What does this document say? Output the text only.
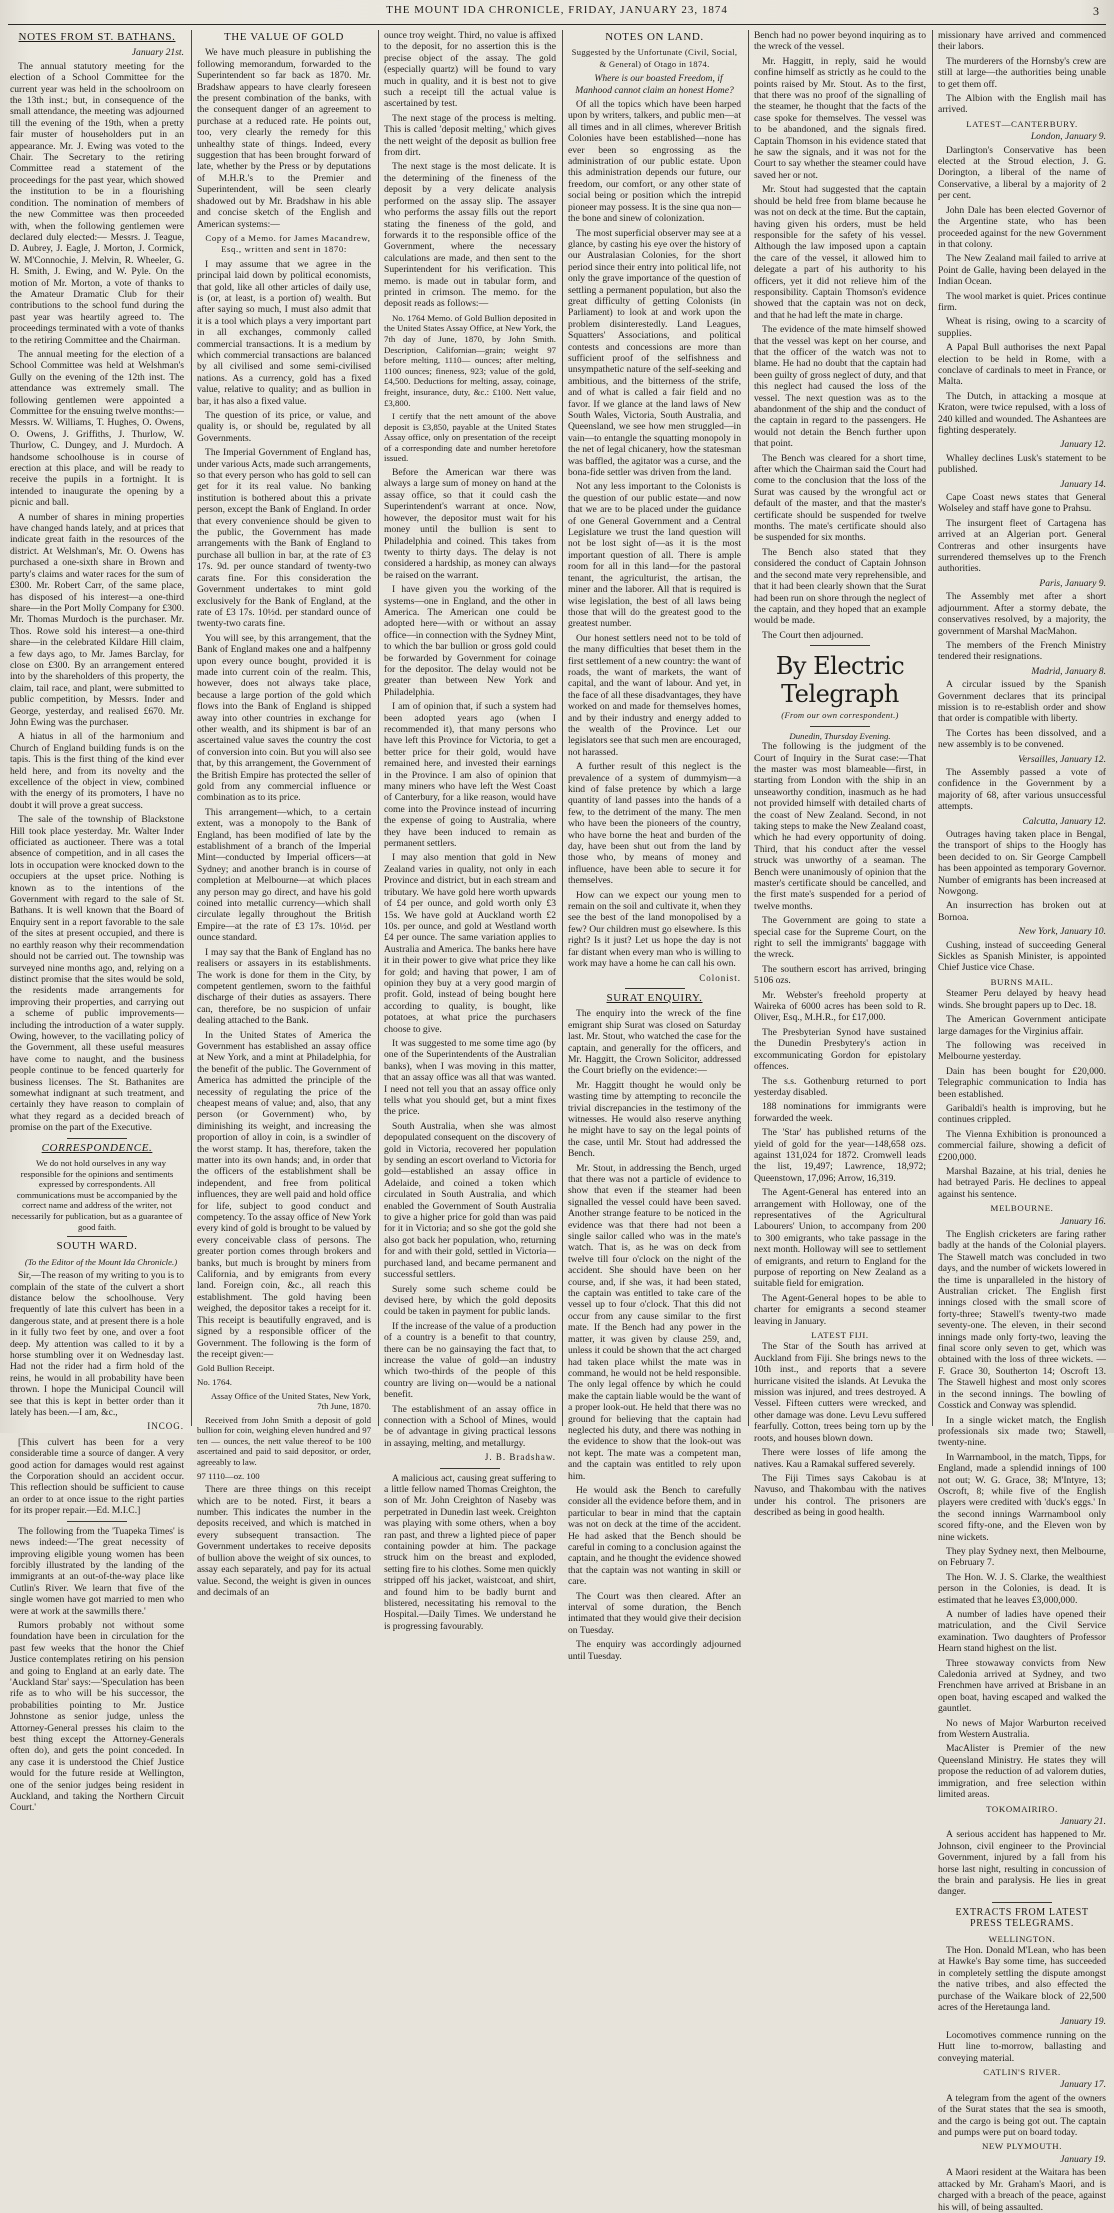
THE MOUNT IDA CHRONICLE, FRIDAY, JANUARY 23, 1874	3
NOTES FROM ST. BATHANS.
January 21st.

The annual statutory meeting for the election of a School Committee for the current year was held in the schoolroom on the 13th inst.; but, in consequence of the small attendance, the meeting was adjourned till the evening of the 19th, when a pretty fair muster of householders put in an appearance. Mr. J. Ewing was voted to the Chair. The Secretary to the retiring Committee read a statement of the proceedings for the past year, which showed the institution to be in a flourishing condition. The nomination of members of the new Committee was then proceeded with, when the following gentlemen were declared duly elected:— Messrs. J. Teague, D. Aubrey, J. Eagle, J. Morton, J. Cormick, W. M'Connochie, J. Melvin, R. Wheeler, G. H. Smith, J. Ewing, and W. Pyle. On the motion of Mr. Morton, a vote of thanks to the Amateur Dramatic Club for their contributions to the school fund during the past year was heartily agreed to. The proceedings terminated with a vote of thanks to the retiring Committee and the Chairman.

The annual meeting for the election of a School Committee was held at Welshman's Gully on the evening of the 12th inst. The attendance was extremely small. The following gentlemen were appointed a Committee for the ensuing twelve months:—Messrs. W. Williams, T. Hughes, O. Owens, O. Owens, J. Griffiths, J. Thurlow, W. Thurlow, C. Dungey, and J. Murdoch. A handsome schoolhouse is in course of erection at this place, and will be ready to receive the pupils in a fortnight. It is intended to inaugurate the opening by a picnic and ball.

A number of shares in mining properties have changed hands lately, and at prices that indicate great faith in the resources of the district. At Welshman's, Mr. O. Owens has purchased a one-sixth share in Brown and party's claims and water races for the sum of £300. Mr. Robert Carr, of the same place, has disposed of his interest—a one-third share—in the Port Molly Company for £300. Mr. Thomas Murdoch is the purchaser. Mr. Thos. Rowe sold his interest—a one-third share—in the celebrated Kildare Hill claim, a few days ago, to Mr. James Barclay, for close on £300. By an arrangement entered into by the shareholders of this property, the claim, tail race, and plant, were submitted to public competition, by Messrs. Inder and George, yesterday, and realised £670. Mr. John Ewing was the purchaser.

A hiatus in all of the harmonium and Church of England building funds is on the tapis. This is the first thing of the kind ever held here, and from its novelty and the excellence of the object in view, combined with the energy of its promoters, I have no doubt it will prove a great success.

The sale of the township of Blackstone Hill took place yesterday. Mr. Walter Inder officiated as auctioneer. There was a total absence of competition, and in all cases the lots in occupation were knocked down to the occupiers at the upset price. Nothing is known as to the intentions of the Government with regard to the sale of St. Bathans. It is well known that the Board of Enquiry sent in a report favorable to the sale of the sites at present occupied, and there is no earthly reason why their recommendation should not be carried out. The township was surveyed nine months ago, and, relying on a distinct promise that the sites would be sold, the residents made arrangements for improving their properties, and carrying out a scheme of public improvements—including the introduction of a water supply. Owing, however, to the vacillating policy of the Government, all these useful measures have come to naught, and the business people continue to be fenced quarterly for business licenses. The St. Bathanites are somewhat indignant at such treatment, and certainly they have reason to complain of what they regard as a decided breach of promise on the part of the Executive.

CORRESPONDENCE.

We do not hold ourselves in any way responsible for the opinions and sentiments expressed by correspondents. All communications must be accompanied by the correct name and address of the writer, not necessarily for publication, but as a guarantee of good faith.

SOUTH WARD.

(To the Editor of the Mount Ida Chronicle.)

Sir,—The reason of my writing to you is to complain of the state of the culvert a short distance below the schoolhouse. Very frequently of late this culvert has been in a dangerous state, and at present there is a hole in it fully two feet by one, and over a foot deep. My attention was called to it by a horse stumbling over it on Wednesday last. Had not the rider had a firm hold of the reins, he would in all probability have been thrown. I hope the Municipal Council will see that this is kept in better order than it lately has been.—I am, &c.,

INCOG.

[This culvert has been for a very considerable time a source of danger. A very good action for damages would rest against the Corporation should an accident occur. This reflection should be sufficient to cause an order to at once issue to the right parties for its proper repair.—Ed. M.I.C.]

The following from the 'Tuapeka Times' is news indeed:—'The great necessity of improving eligible young women has been forcibly illustrated by the landing of the immigrants at an out-of-the-way place like Cutlin's River. We learn that five of the single women have got married to men who were at work at the sawmills there.'

Rumors probably not without some foundation have been in circulation for the past few weeks that the honor the Chief Justice contemplates retiring on his pension and going to England at an early date. The 'Auckland Star' says:—'Speculation has been rife as to who will be his successor, the probabilities pointing to Mr. Justice Johnstone as senior judge, unless the Attorney-General presses his claim to the best thing except the Attorney-Generals often do), and gets the point conceded. In any case it is understood the Chief Justice would for the future reside at Wellington, one of the senior judges being resident in Auckland, and taking the Northern Circuit Court.'

THE VALUE OF GOLD

We have much pleasure in publishing the following memorandum, forwarded to the Superintendent so far back as 1870. Mr. Bradshaw appears to have clearly foreseen the present combination of the banks, with the consequent danger of an agreement to purchase at a reduced rate. He points out, too, very clearly the remedy for this unhealthy state of things. Indeed, every suggestion that has been brought forward of late, whether by the Press or by deputations of M.H.R.'s to the Premier and Superintendent, will be seen clearly shadowed out by Mr. Bradshaw in his able and concise sketch of the English and American systems:—

Copy of a Memo. for James Macandrew, Esq., written and sent in 1870:

I may assume that we agree in the principal laid down by political economists, that gold, like all other articles of daily use, is (or, at least, is a portion of) wealth. But after saying so much, I must also admit that it is a tool which plays a very important part in all exchanges, commonly called commercial transactions. It is a medium by which commercial transactions are balanced by all civilised and some semi-civilised nations. As a currency, gold has a fixed value, relative to quality; and as bullion in bar, it has also a fixed value.

The question of its price, or value, and quality is, or should be, regulated by all Governments.

The Imperial Government of England has, under various Acts, made such arrangements, so that every person who has gold to sell can get for it its real value. No banking institution is bothered about this a private person, except the Bank of England. In order that every convenience should be given to the public, the Government has made arrangements with the Bank of England to purchase all bullion in bar, at the rate of £3 17s. 9d. per ounce standard of twenty-two carats fine. For this consideration the Government undertakes to mint gold exclusively for the Bank of England, at the rate of £3 17s. 10½d. per standard ounce of twenty-two carats fine.

You will see, by this arrangement, that the Bank of England makes one and a halfpenny upon every ounce bought, provided it is made into current coin of the realm. This, however, does not always take place, because a large portion of the gold which flows into the Bank of England is shipped away into other countries in exchange for other wealth, and its shipment is bar of an ascertained value saves the country the cost of conversion into coin. But you will also see that, by this arrangement, the Government of the British Empire has protected the seller of gold from any commercial influence or combination as to its price.

This arrangement—which, to a certain extent, was a monopoly to the Bank of England, has been modified of late by the establishment of a branch of the Imperial Mint—conducted by Imperial officers—at Sydney; and another branch is in course of completion at Melbourne—at which places any person may go direct, and have his gold coined into metallic currency—which shall circulate legally throughout the British Empire—at the rate of £3 17s. 10½d. per ounce standard.

I may say that the Bank of England has no realisers or assayers in its establishments. The work is done for them in the City, by competent gentlemen, sworn to the faithful discharge of their duties as assayers. There can, therefore, be no suspicion of unfair dealing attached to the Bank.

In the United States of America the Government has established an assay office at New York, and a mint at Philadelphia, for the benefit of the public. The Government of America has admitted the principle of the necessity of regulating the price of the cheapest means of value; and, also, that any person (or Government) who, by diminishing its weight, and increasing the proportion of alloy in coin, is a swindler of the worst stamp. It has, therefore, taken the matter into its own hands; and, in order that the officers of the establishment shall be independent, and free from political influences, they are well paid and hold office for life, subject to good conduct and competency. To the assay office of New York every kind of gold is brought to be valued by every conceivable class of persons. The greater portion comes through brokers and banks, but much is brought by miners from California, and by emigrants from every land. Foreign coin, &c., all reach this establishment. The gold having been weighed, the depositor takes a receipt for it. This receipt is beautifully engraved, and is signed by a responsible officer of the Government. The following is the form of the receipt given:—

Gold Bullion Receipt.

No. 1764.

Assay Office of the United States, New York, 7th June, 1870.

Received from John Smith a deposit of gold bullion for coin, weighing eleven hundred and 97 ten — ounces, the nett value thereof to be 100 ascertained and paid to said depositor, or order, agreeably to law.

97 1110—oz. 100

There are three things on this receipt which are to be noted. First, it bears a number. This indicates the number in the deposits received, and which is matched in every subsequent transaction. The Government undertakes to receive deposits of bullion above the weight of six ounces, to assay each separately, and pay for its actual value. Second, the weight is given in ounces and decimals of an

ounce troy weight. Third, no value is affixed to the deposit, for no assertion this is the precise object of the assay. The gold (especially quartz) will be found to vary much in quality, and it is best not to give such a receipt till the actual value is ascertained by test.

The next stage of the process is melting. This is called 'deposit melting,' which gives the nett weight of the deposit as bullion free from dirt.

The next stage is the most delicate. It is the determining of the fineness of the deposit by a very delicate analysis performed on the assay slip. The assayer who performs the assay fills out the report stating the fineness of the gold, and forwards it to the responsible office of the Government, where the necessary calculations are made, and then sent to the Superintendent for his verification. This memo. is made out in tabular form, and printed in crimson. The memo. for the deposit reads as follows:—

No. 1764 Memo. of Gold Bullion deposited in the United States Assay Office, at New York, the 7th day of June, 1870, by John Smith. Description, Californian—grain; weight 97 before melting, 1110— ounces; after melting, 1100 ounces; fineness, 923; value of the gold, £4,500. Deductions for melting, assay, coinage, freight, insurance, duty, &c.: £100. Nett value, £3,800.

I certify that the nett amount of the above deposit is £3,850, payable at the United States Assay office, only on presentation of the receipt of a corresponding date and number heretofore issued.

Before the American war there was always a large sum of money on hand at the assay office, so that it could cash the Superintendent's warrant at once. Now, however, the depositor must wait for his money until the bullion is sent to Philadelphia and coined. This takes from twenty to thirty days. The delay is not considered a hardship, as money can always be raised on the warrant.

I have given you the working of the systems—one in England, and the other in America. The American one could be adopted here—with or without an assay office—in connection with the Sydney Mint, to which the bar bullion or gross gold could be forwarded by Government for coinage for the depositor. The delay would not be greater than between New York and Philadelphia.

I am of opinion that, if such a system had been adopted years ago (when I recommended it), that many persons who have left this Province for Victoria, to get a better price for their gold, would have remained here, and invested their earnings in the Province. I am also of opinion that many miners who have left the West Coast of Canterbury, for a like reason, would have come into the Province instead of incurring the expense of going to Australia, where they have been induced to remain as permanent settlers.

I may also mention that gold in New Zealand varies in quality, not only in each Province and district, but in each stream and tributary. We have gold here worth upwards of £4 per ounce, and gold worth only £3 15s. We have gold at Auckland worth £2 10s. per ounce, and gold at Westland worth £4 per ounce. The same variation applies to Australia and America. The banks here have it in their power to give what price they like for gold; and having that power, I am of opinion they buy at a very good margin of profit. Gold, instead of being bought here according to quality, is bought, like potatoes, at what price the purchasers choose to give.

It was suggested to me some time ago (by one of the Superintendents of the Australian banks), when I was moving in this matter, that an assay office was all that was wanted. I need not tell you that an assay office only tells what you should get, but a mint fixes the price.

South Australia, when she was almost depopulated consequent on the discovery of gold in Victoria, recovered her population by sending an escort overland to Victoria for gold—established an assay office in Adelaide, and coined a token which circulated in South Australia, and which enabled the Government of South Australia to give a higher price for gold than was paid for it in Victoria; and so she got the gold she also got back her population, who, returning for and with their gold, settled in Victoria—purchased land, and became permanent and successful settlers.

Surely some such scheme could be devised here, by which the gold deposits could be taken in payment for public lands.

If the increase of the value of a production of a country is a benefit to that country, there can be no gainsaying the fact that, to increase the value of gold—an industry which two-thirds of the people of this country are living on—would be a national benefit.

The establishment of an assay office in connection with a School of Mines, would be of advantage in giving practical lessons in assaying, melting, and metallurgy.

J. B. Bradshaw.

A malicious act, causing great suffering to a little fellow named Thomas Creighton, the son of Mr. John Creighton of Naseby was perpetrated in Dunedin last week. Creighton was playing with some others, when a boy ran past, and threw a lighted piece of paper containing powder at him. The package struck him on the breast and exploded, setting fire to his clothes. Some men quickly stripped off his jacket, waistcoat, and shirt, and found him to be badly burnt and blistered, necessitating his removal to the Hospital.—Daily Times. We understand he is progressing favourably.

NOTES ON LAND.
Suggested by the Unfortunate (Civil, Social, & General) of Otago in 1874.

Where is our boasted Freedom, if Manhood cannot claim an honest Home?

Of all the topics which have been harped upon by writers, talkers, and public men—at all times and in all climes, wherever British Colonies have been established—none has ever been so engrossing as the administration of our public estate. Upon this administration depends our future, our freedom, our comfort, or any other state of social being or position which the intrepid pioneer may possess. It is the sine qua non—the bone and sinew of colonization.

The most superficial observer may see at a glance, by casting his eye over the history of our Australasian Colonies, for the short period since their entry into political life, not only the grave importance of the question of settling a permanent population, but also the great difficulty of getting Colonists (in Parliament) to look at and work upon the problem disinterestedly. Land Leagues, Squatters' Associations, and political contests and concessions are more than sufficient proof of the selfishness and unsympathetic nature of the self-seeking and ambitious, and the bitterness of the strife, and of what is called a fair field and no favor. If we glance at the land laws of New South Wales, Victoria, South Australia, and Queensland, we see how men struggled—in vain—to entangle the squatting monopoly in the net of legal chicanery, how the statesman was baffled, the agitator was a curse, and the bona-fide settler was driven from the land.

Not any less important to the Colonists is the question of our public estate—and now that we are to be placed under the guidance of one General Government and a Central Legislature we trust the land question will not be lost sight of—as it is the most important question of all. There is ample room for all in this land—for the pastoral tenant, the agriculturist, the artisan, the miner and the laborer. All that is required is wise legislation, the best of all laws being those that will do the greatest good to the greatest number.

Our honest settlers need not to be told of the many difficulties that beset them in the first settlement of a new country: the want of roads, the want of markets, the want of capital, and the want of labour. And yet, in the face of all these disadvantages, they have worked on and made for themselves homes, and by their industry and energy added to the wealth of the Province. Let our legislators see that such men are encouraged, not harassed.

A further result of this neglect is the prevalence of a system of dummyism—a kind of false pretence by which a large quantity of land passes into the hands of a few, to the detriment of the many. The men who have been the pioneers of the country, who have borne the heat and burden of the day, have been shut out from the land by those who, by means of money and influence, have been able to secure it for themselves.

How can we expect our young men to remain on the soil and cultivate it, when they see the best of the land monopolised by a few? Our children must go elsewhere. Is this right? Is it just? Let us hope the day is not far distant when every man who is willing to work may have a home he can call his own.

Colonist.
SURAT ENQUIRY.

The enquiry into the wreck of the fine emigrant ship Surat was closed on Saturday last. Mr. Stout, who watched the case for the captain, and generally for the officers, and Mr. Haggitt, the Crown Solicitor, addressed the Court briefly on the evidence:—

Mr. Haggitt thought he would only be wasting time by attempting to reconcile the trivial discrepancies in the testimony of the witnesses. He would also reserve anything he might have to say on the legal points of the case, until Mr. Stout had addressed the Bench.

Mr. Stout, in addressing the Bench, urged that there was not a particle of evidence to show that even if the steamer had been signalled the vessel could have been saved. Another strange feature to be noticed in the evidence was that there had not been a single sailor called who was in the mate's watch. That is, as he was on deck from twelve till four o'clock on the night of the accident. She should have been on her course, and, if she was, it had been stated, the captain was entitled to take care of the vessel up to four o'clock. That this did not occur from any cause similar to the first mate. If the Bench had any power in the matter, it was given by clause 259, and, unless it could be shown that the act charged had taken place whilst the mate was in command, he would not be held responsible. The only legal offence by which he could make the captain liable would be the want of a proper look-out. He held that there was no ground for believing that the captain had neglected his duty, and there was nothing in the evidence to show that the look-out was not kept. The mate was a competent man, and the captain was entitled to rely upon him.

He would ask the Bench to carefully consider all the evidence before them, and in particular to bear in mind that the captain was not on deck at the time of the accident. He had asked that the Bench should be careful in coming to a conclusion against the captain, and he thought the evidence showed that the captain was not wanting in skill or care.

The Court was then cleared. After an interval of some duration, the Bench intimated that they would give their decision on Tuesday.

The enquiry was accordingly adjourned until Tuesday.

Bench had no power beyond inquiring as to the wreck of the vessel.

Mr. Haggitt, in reply, said he would confine himself as strictly as he could to the points raised by Mr. Stout. As to the first, that there was no proof of the signalling of the steamer, he thought that the facts of the case spoke for themselves. The vessel was to be abandoned, and the signals fired. Captain Thomson in his evidence stated that he saw the signals, and it was not for the Court to say whether the steamer could have saved her or not.

Mr. Stout had suggested that the captain should be held free from blame because he was not on deck at the time. But the captain, having given his orders, must be held responsible for the safety of his vessel. Although the law imposed upon a captain the care of the vessel, it allowed him to delegate a part of his authority to his officers, yet it did not relieve him of the responsibility. Captain Thomson's evidence showed that the captain was not on deck, and that he had left the mate in charge.

The evidence of the mate himself showed that the vessel was kept on her course, and that the officer of the watch was not to blame. He had no doubt that the captain had been guilty of gross neglect of duty, and that this neglect had caused the loss of the vessel. The next question was as to the abandonment of the ship and the conduct of the captain in regard to the passengers. He would not detain the Bench further upon that point.

The Bench was cleared for a short time, after which the Chairman said the Court had come to the conclusion that the loss of the Surat was caused by the wrongful act or default of the master, and that the master's certificate should be suspended for twelve months. The mate's certificate should also be suspended for six months.

The Bench also stated that they considered the conduct of Captain Johnson and the second mate very reprehensible, and that it had been clearly shown that the Surat had been run on shore through the neglect of the captain, and they hoped that an example would be made.

The Court then adjourned.

By Electric Telegraph
(From our own correspondent.)
Dunedin, Thursday Evening.

The following is the judgment of the Court of Inquiry in the Surat case:—That the master was most blameable—first, in starting from London with the ship in an unseaworthy condition, inasmuch as he had not provided himself with detailed charts of the coast of New Zealand. Second, in not taking steps to make the New Zealand coast, which he had every opportunity of doing. Third, that his conduct after the vessel struck was unworthy of a seaman. The Bench were unanimously of opinion that the master's certificate should be cancelled, and the first mate's suspended for a period of twelve months.

The Government are going to state a special case for the Supreme Court, on the right to sell the immigrants' baggage with the wreck.

The southern escort has arrived, bringing 5106 ozs.

Mr. Webster's freehold property at Waireka of 6000 acres has been sold to R. Oliver, Esq., M.H.R., for £17,000.

The Presbyterian Synod have sustained the Dunedin Presbytery's action in excommunicating Gordon for epistolary offences.

The s.s. Gothenburg returned to port yesterday disabled.

188 nominations for immigrants were forwarded the week.

The 'Star' has published returns of the yield of gold for the year—148,658 ozs. against 131,024 for 1872. Cromwell leads the list, 19,497; Lawrence, 18,972; Queenstown, 17,096; Arrow, 16,319.

The Agent-General has entered into an arrangement with Holloway, one of the representatives of the Agricultural Labourers' Union, to accompany from 200 to 300 emigrants, who take passage in the next month. Holloway will see to settlement of emigrants, and return to England for the purpose of reporting on New Zealand as a suitable field for emigration.

The Agent-General hopes to be able to charter for emigrants a second steamer leaving in January.

LATEST FIJI.

The Star of the South has arrived at Auckland from Fiji. She brings news to the 10th inst., and reports that a severe hurricane visited the islands. At Levuka the mission was injured, and trees destroyed. A Vessel. Fifteen cutters were wrecked, and other damage was done. Levu Levu suffered fearfully. Cotton, trees being torn up by the roots, and houses blown down.

There were losses of life among the natives. Kau a Ramakal suffered severely.

The Fiji Times says Cakobau is at Navuso, and Thakombau with the natives under his control. The prisoners are described as being in good health.

missionary have arrived and commenced their labors.

The murderers of the Hornsby's crew are still at large—the authorities being unable to get them off.

The Albion with the English mail has arrived.

LATEST—CANTERBURY.
London, January 9.

Darlington's Conservative has been elected at the Stroud election, J. G. Dorington, a liberal of the name of Conservative, a liberal by a majority of 2 per cent.

John Dale has been elected Governor of the Argentine state, who has been proceeded against for the new Government in that colony.

The New Zealand mail failed to arrive at Point de Galle, having been delayed in the Indian Ocean.

The wool market is quiet. Prices continue firm.

Wheat is rising, owing to a scarcity of supplies.

A Papal Bull authorises the next Papal election to be held in Rome, with a conclave of cardinals to meet in France, or Malta.

The Dutch, in attacking a mosque at Kraton, were twice repulsed, with a loss of 240 killed and wounded. The Ashantees are fighting desperately.

January 12.

Whalley declines Lusk's statement to be published.

January 14.

Cape Coast news states that General Wolseley and staff have gone to Prahsu.

The insurgent fleet of Cartagena has arrived at an Algerian port. General Contreras and other insurgents have surrendered themselves up to the French authorities.

Paris, January 9.

The Assembly met after a short adjournment. After a stormy debate, the conservatives resolved, by a majority, the government of Marshal MacMahon.

The members of the French Ministry tendered their resignations.

Madrid, January 8.

A circular issued by the Spanish Government declares that its principal mission is to re-establish order and show that order is compatible with liberty.

The Cortes has been dissolved, and a new assembly is to be convened.

Versailles, January 12.

The Assembly passed a vote of confidence in the Government by a majority of 68, after various unsuccessful attempts.

Calcutta, January 12.

Outrages having taken place in Bengal, the transport of ships to the Hoogly has been decided to on. Sir George Campbell has been appointed as temporary Governor. Number of emigrants has been increased at Nowgong.

An insurrection has broken out at Bornoa.

New York, January 10.

Cushing, instead of succeeding General Sickles as Spanish Minister, is appointed Chief Justice vice Chase.

BURNS MAIL.

Steamer Peru delayed by heavy head winds. She brought papers up to Dec. 18.

The American Government anticipate large damages for the Virginius affair.

The following was received in Melbourne yesterday.

Dain has been bought for £20,000. Telegraphic communication to India has been established.

Garibaldi's health is improving, but he continues crippled.

The Vienna Exhibition is pronounced a commercial failure, showing a deficit of £200,000.

Marshal Bazaine, at his trial, denies he had betrayed Paris. He declines to appeal against his sentence.

MELBOURNE.
January 16.

The English cricketers are faring rather badly at the hands of the Colonial players. The Stawell match was concluded in two days, and the number of wickets lowered in the time is unparalleled in the history of Australian cricket. The English first innings closed with the small score of forty-three; Stawell's twenty-two made seventy-one. The eleven, in their second innings made only forty-two, leaving the final score only seven to get, which was obtained with the loss of three wickets. — F. Grace 30, Southerton 14; Oscroft 13. The Stawell highest and most only scores in the second innings. The bowling of Cosstick and Conway was splendid.

In a single wicket match, the English professionals six made two; Stawell, twenty-nine.

In Warrnambool, in the match, Tipps, for England, made a splendid innings of 100 not out; W. G. Grace, 38; M'Intyre, 13; Oscroft, 8; while five of the English players were credited with 'duck's eggs.' In the second innings Warrnambool only scored fifty-one, and the Eleven won by nine wickets.

They play Sydney next, then Melbourne, on February 7.

The Hon. W. J. S. Clarke, the wealthiest person in the Colonies, is dead. It is estimated that he leaves £3,000,000.

A number of ladies have opened their matriculation, and the Civil Service examination. Two daughters of Professor Hearn stand highest on the list.

Three stowaway convicts from New Caledonia arrived at Sydney, and two Frenchmen have arrived at Brisbane in an open boat, having escaped and walked the gauntlet.

No news of Major Warburton received from Western Australia.

MacAlister is Premier of the new Queensland Ministry. He states they will propose the reduction of ad valorem duties, immigration, and free selection within limited areas.

TOKOMAIRIRO.
January 21.

A serious accident has happened to Mr. Johnson, civil engineer to the Provincial Government, injured by a fall from his horse last night, resulting in concussion of the brain and paralysis. He lies in great danger.

EXTRACTS FROM LATEST PRESS TELEGRAMS.
WELLINGTON.

The Hon. Donald M'Lean, who has been at Hawke's Bay some time, has succeeded in completely settling the dispute amongst the native tribes, and also effected the purchase of the Waikare block of 22,500 acres of the Heretaunga land.

January 19.

Locomotives commence running on the Hutt line to-morrow, ballasting and conveying material.

CATLIN'S RIVER.
January 17.

A telegram from the agent of the owners of the Surat states that the sea is smooth, and the cargo is being got out. The captain and pumps were put on board today.

NEW PLYMOUTH.
January 19.

A Maori resident at the Waitara has been attacked by Mr. Graham's Maori, and is charged with a breach of the peace, against his will, of being assaulted.
